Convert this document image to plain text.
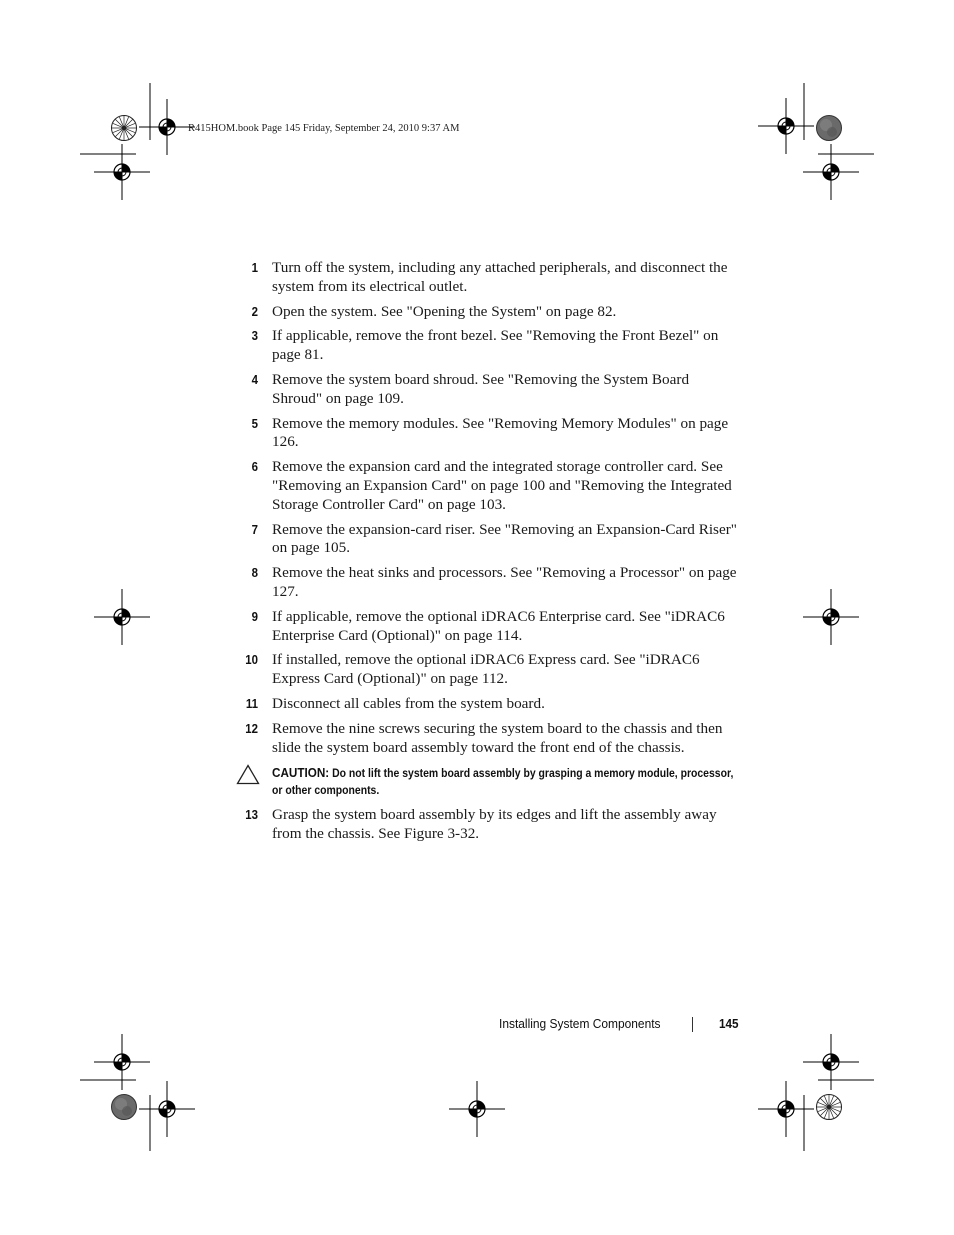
R415HOM.book Page 145 Friday, September 24, 2010 9:37 AM
1 Turn off the system, including any attached peripherals, and disconnect the system from its electrical outlet.
2 Open the system. See "Opening the System" on page 82.
3 If applicable, remove the front bezel. See "Removing the Front Bezel" on page 81.
4 Remove the system board shroud. See "Removing the System Board Shroud" on page 109.
5 Remove the memory modules. See "Removing Memory Modules" on page 126.
6 Remove the expansion card and the integrated storage controller card. See "Removing an Expansion Card" on page 100 and "Removing the Integrated Storage Controller Card" on page 103.
7 Remove the expansion-card riser. See "Removing an Expansion-Card Riser" on page 105.
8 Remove the heat sinks and processors. See "Removing a Processor" on page 127.
9 If applicable, remove the optional iDRAC6 Enterprise card. See "iDRAC6 Enterprise Card (Optional)" on page 114.
10 If installed, remove the optional iDRAC6 Express card. See "iDRAC6 Express Card (Optional)" on page 112.
11 Disconnect all cables from the system board.
12 Remove the nine screws securing the system board to the chassis and then slide the system board assembly toward the front end of the chassis.
CAUTION: Do not lift the system board assembly by grasping a memory module, processor, or other components.
13 Grasp the system board assembly by its edges and lift the assembly away from the chassis. See Figure 3-32.
Installing System Components	145
